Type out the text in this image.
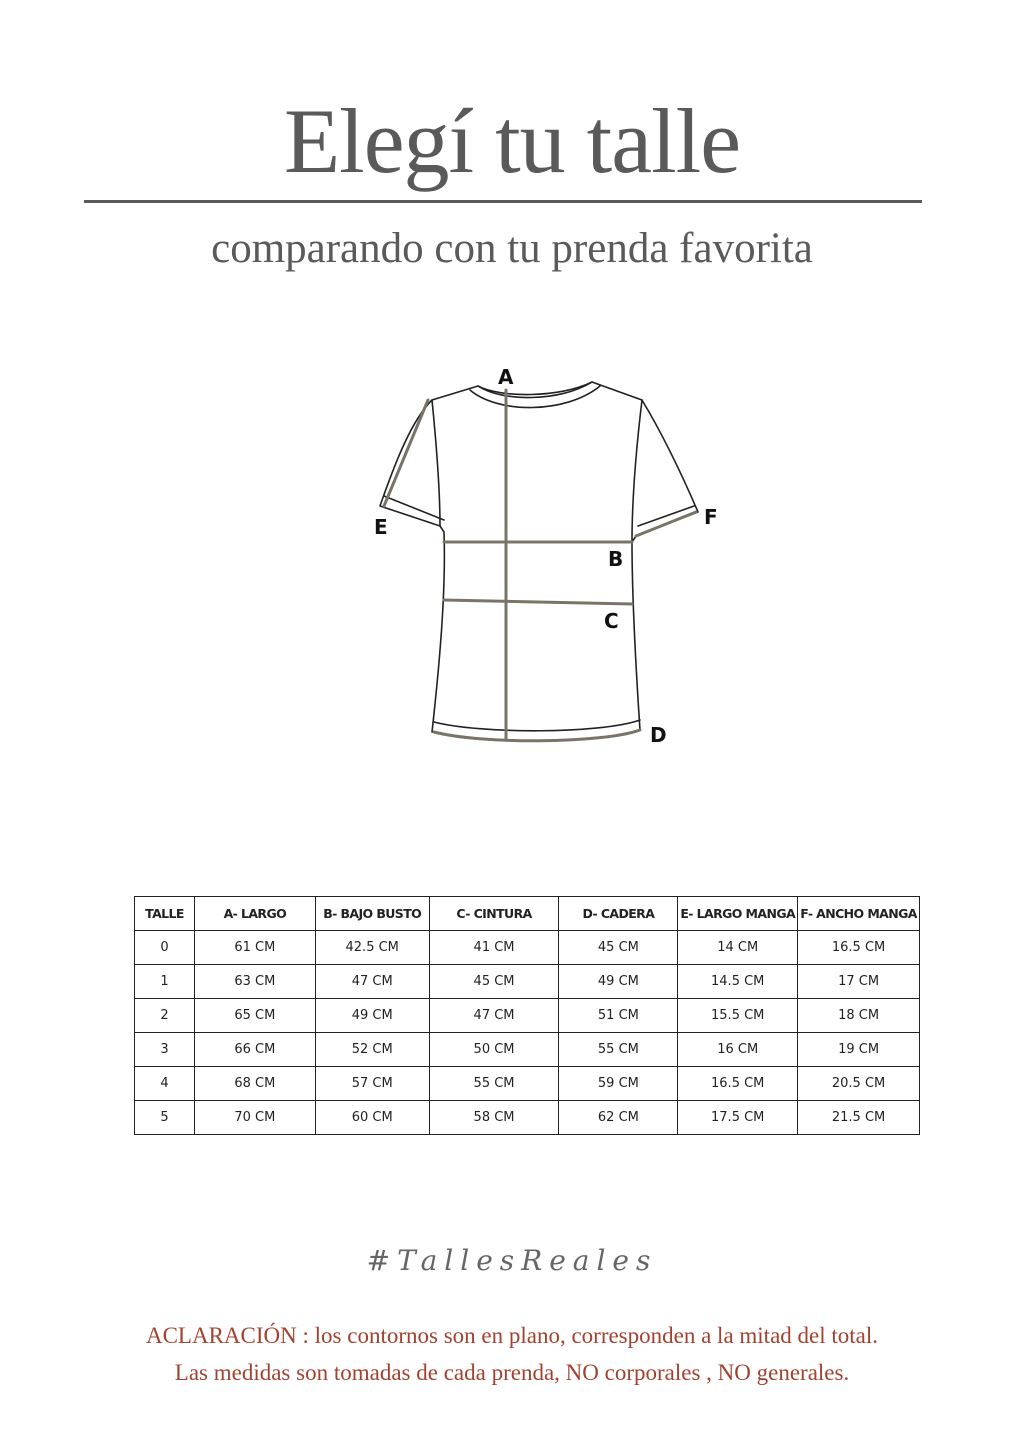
Elegí tu talle
comparando con tu prenda favorita
A
B
C
D
E	F
TALLE	A- LARGO	B- BAJO BUSTO	C- CINTURA	D- CADERA	E- LARGO MANGA	F- ANCHO MANGA
0	61 CM	42.5 CM	41 CM	45 CM	14 CM	16.5 CM
1	63 CM	47 CM	45 CM	49 CM	14.5 CM	17 CM
2	65 CM	49 CM	47 CM	51 CM	15.5 CM	18 CM
3	66 CM	52 CM	50 CM	55 CM	16 CM	19 CM
4	68 CM	57 CM	55 CM	59 CM	16.5 CM	20.5 CM
5	70 CM	60 CM	58 CM	62 CM	17.5 CM	21.5 CM
#TallesReales
ACLARACIÓN : los contornos son en plano, corresponden a la mitad del total.
Las medidas son tomadas de cada prenda, NO corporales , NO generales.
